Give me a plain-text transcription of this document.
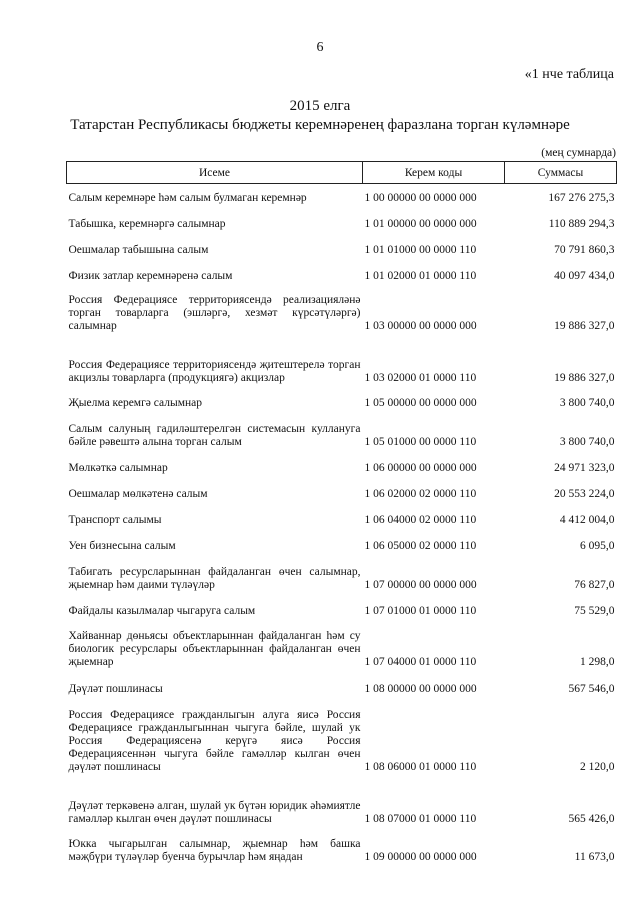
6
«1 нче таблица
2015 елга
Татарстан Республикасы бюджеты керемнәренең фаразлана торган күләмнәре
(мең сумнарда)
Исеме	Керем коды	Суммасы
Салым керемнәре һәм салым булмаган керемнәр	1 00 00000 00 0000 000	167 276 275,3
Табышка, керемнәргә салымнар	1 01 00000 00 0000 000	110 889 294,3
Оешмалар табышына салым	1 01 01000 00 0000 110	70 791 860,3
Физик затлар керемнәренә салым	1 01 02000 01 0000 110	40 097 434,0
Россия Федерациясе территориясендә реализацияләнә торган товарларга (эшләргә, хезмәт күрсәтүләргә) салымнар	1 03 00000 00 0000 000	19 886 327,0
Россия Федерациясе территориясендә җитештерелә торган акцизлы товарларга (продукциягә) акцизлар	1 03 02000 01 0000 110	19 886 327,0
Җыелма керемгә салымнар	1 05 00000 00 0000 000	3 800 740,0
Салым салуның гадиләштерелгән системасын куллануга бәйле рәвештә алына торган салым	1 05 01000 00 0000 110	3 800 740,0
Мөлкәткә салымнар	1 06 00000 00 0000 000	24 971 323,0
Оешмалар мөлкәтенә салым	1 06 02000 02 0000 110	20 553 224,0
Транспорт салымы	1 06 04000 02 0000 110	4 412 004,0
Уен бизнесына салым	1 06 05000 02 0000 110	6 095,0
Табигать ресурсларыннан файдаланган өчен салымнар, җыемнар һәм даими түләүләр	1 07 00000 00 0000 000	76 827,0
Файдалы казылмалар чыгаруга салым	1 07 01000 01 0000 110	75 529,0
Хайваннар дөньясы объектларыннан файдаланган һәм су биологик ресурслары объектларыннан файдаланган өчен җыемнар	1 07 04000 01 0000 110	1 298,0
Дәүләт пошлинасы	1 08 00000 00 0000 000	567 546,0
Россия Федерациясе гражданлыгын алуга яисә Россия Федерациясе гражданлыгыннан чыгуга бәйле, шулай ук Россия Федерациясенә керүгә яисә Россия Федерациясеннән чыгуга бәйле гамәлләр кылган өчен дәүләт пошлинасы	1 08 06000 01 0000 110	2 120,0
Дәүләт теркәвенә алган, шулай ук бүтән юридик әһәмиятле гамәлләр кылган өчен дәүләт пошлинасы	1 08 07000 01 0000 110	565 426,0
Юкка чыгарылган салымнар, җыемнар һәм башка мәҗбүри түләүләр буенча бурычлар һәм яңадан	1 09 00000 00 0000 000	11 673,0
